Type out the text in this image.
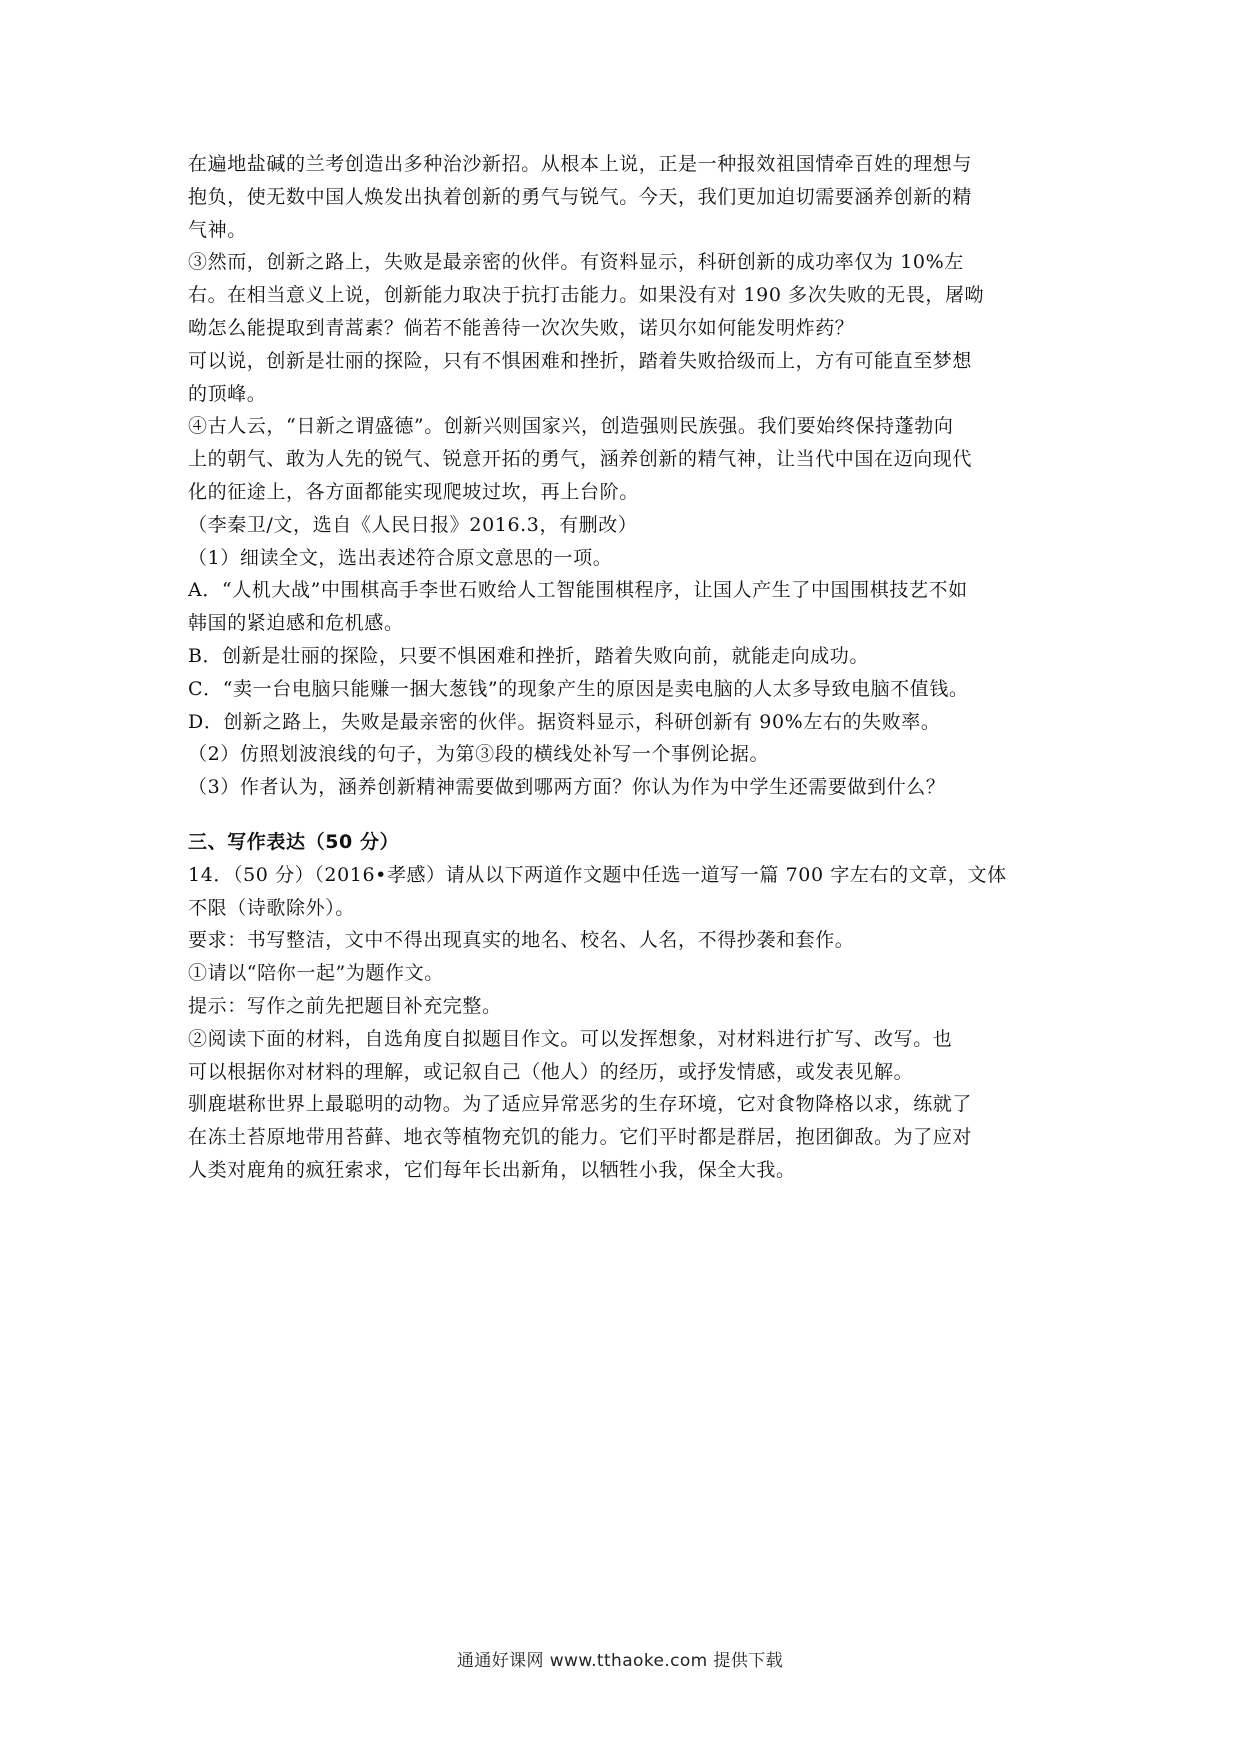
在遍地盐碱的兰考创造出多种治沙新招。从根本上说，正是一种报效祖国情牵百姓的理想与
抱负，使无数中国人焕发出执着创新的勇气与锐气。今天，我们更加迫切需要涵养创新的精
气神。
③然而，创新之路上，失败是最亲密的伙伴。有资料显示，科研创新的成功率仅为 10%左
右。在相当意义上说，创新能力取决于抗打击能力。如果没有对 190 多次失败的无畏，屠呦
呦怎么能提取到青蒿素？倘若不能善待一次次失败，诺贝尔如何能发明炸药？
可以说，创新是壮丽的探险，只有不惧困难和挫折，踏着失败拾级而上，方有可能直至梦想
的顶峰。
④古人云，“日新之谓盛德”。创新兴则国家兴，创造强则民族强。我们要始终保持蓬勃向
上的朝气、敢为人先的锐气、锐意开拓的勇气，涵养创新的精气神，让当代中国在迈向现代
化的征途上，各方面都能实现爬坡过坎，再上台阶。
（李秦卫/文，选自《人民日报》2016.3，有删改）
（1）细读全文，选出表述符合原文意思的一项。
A．“人机大战”中围棋高手李世石败给人工智能围棋程序，让国人产生了中国围棋技艺不如
韩国的紧迫感和危机感。
B．创新是壮丽的探险，只要不惧困难和挫折，踏着失败向前，就能走向成功。
C．“卖一台电脑只能赚一捆大葱钱”的现象产生的原因是卖电脑的人太多导致电脑不值钱。
D．创新之路上，失败是最亲密的伙伴。据资料显示，科研创新有 90%左右的失败率。
（2）仿照划波浪线的句子，为第③段的横线处补写一个事例论据。
（3）作者认为，涵养创新精神需要做到哪两方面？你认为作为中学生还需要做到什么？
三、写作表达（50 分）
14．（50 分）（2016•孝感）请从以下两道作文题中任选一道写一篇 700 字左右的文章，文体
不限（诗歌除外）。
要求：书写整洁，文中不得出现真实的地名、校名、人名，不得抄袭和套作。
①请以“陪你一起”为题作文。
提示：写作之前先把题目补充完整。
②阅读下面的材料，自选角度自拟题目作文。可以发挥想象，对材料进行扩写、改写。也
可以根据你对材料的理解，或记叙自己（他人）的经历，或抒发情感，或发表见解。
驯鹿堪称世界上最聪明的动物。为了适应异常恶劣的生存环境，它对食物降格以求，练就了
在冻土苔原地带用苔藓、地衣等植物充饥的能力。它们平时都是群居，抱团御敌。为了应对
人类对鹿角的疯狂索求，它们每年长出新角，以牺牲小我，保全大我。
通通好课网 www.tthaoke.com 提供下载
